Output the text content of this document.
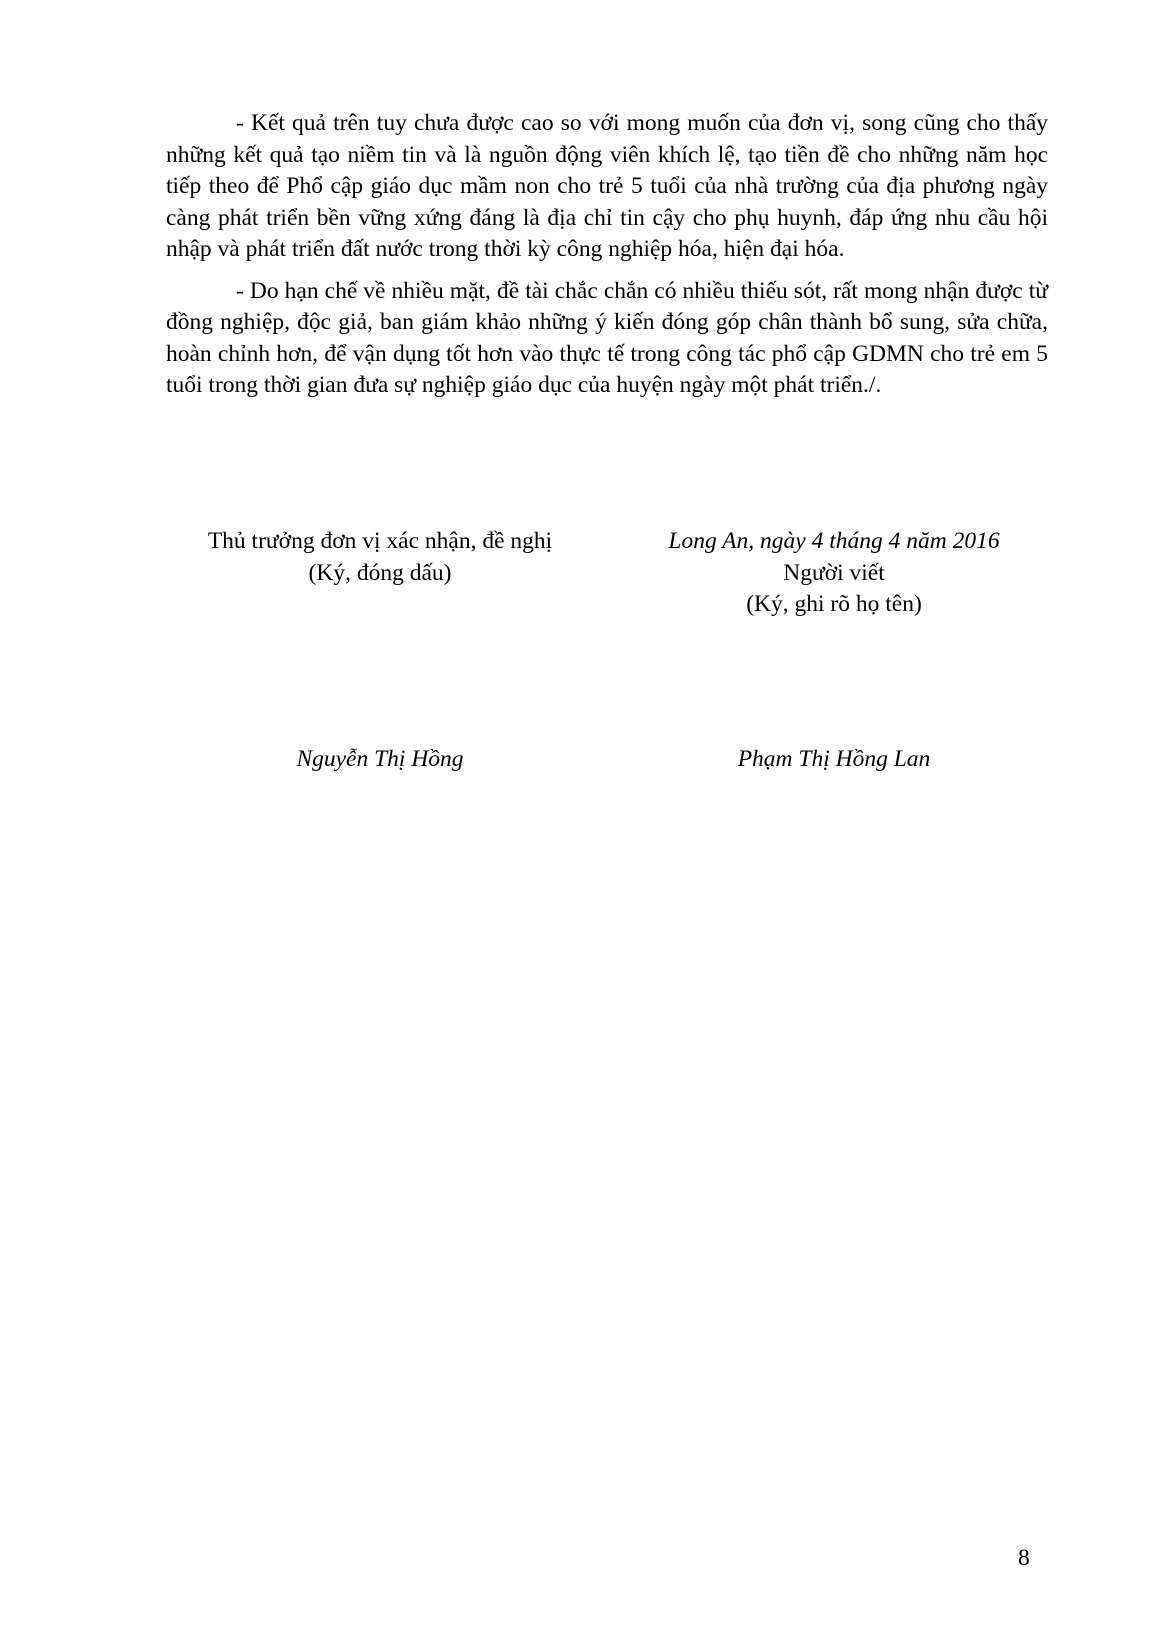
- Kết quả trên tuy chưa được cao so với mong muốn của đơn vị, song cũng cho thấy những kết quả tạo niềm tin và là nguồn động viên khích lệ, tạo tiền đề cho những năm học tiếp theo để Phổ cập giáo dục mầm non cho trẻ 5 tuổi của nhà trường của địa phương ngày càng phát triển bền vững xứng đáng là địa chỉ tin cậy cho phụ huynh, đáp ứng nhu cầu hội nhập và phát triển đất nước trong thời kỳ công nghiệp hóa, hiện đại hóa.

- Do hạn chế về nhiều mặt, đề tài chắc chắn có nhiều thiếu sót, rất mong nhận được từ đồng nghiệp, độc giả, ban giám khảo những ý kiến đóng góp chân thành bổ sung, sửa chữa, hoàn chỉnh hơn, để vận dụng tốt hơn vào thực tế trong công tác phổ cập GDMN cho trẻ em 5 tuổi trong thời gian đưa sự nghiệp giáo dục của huyện ngày một phát triển./.

Thủ trưởng đơn vị xác nhận, đề nghị
(Ký, đóng dấu)
Long An, ngày 4 tháng 4 năm 2016
Người viết
(Ký, ghi rõ họ tên)
Nguyễn Thị Hồng	Phạm Thị Hồng Lan
8
